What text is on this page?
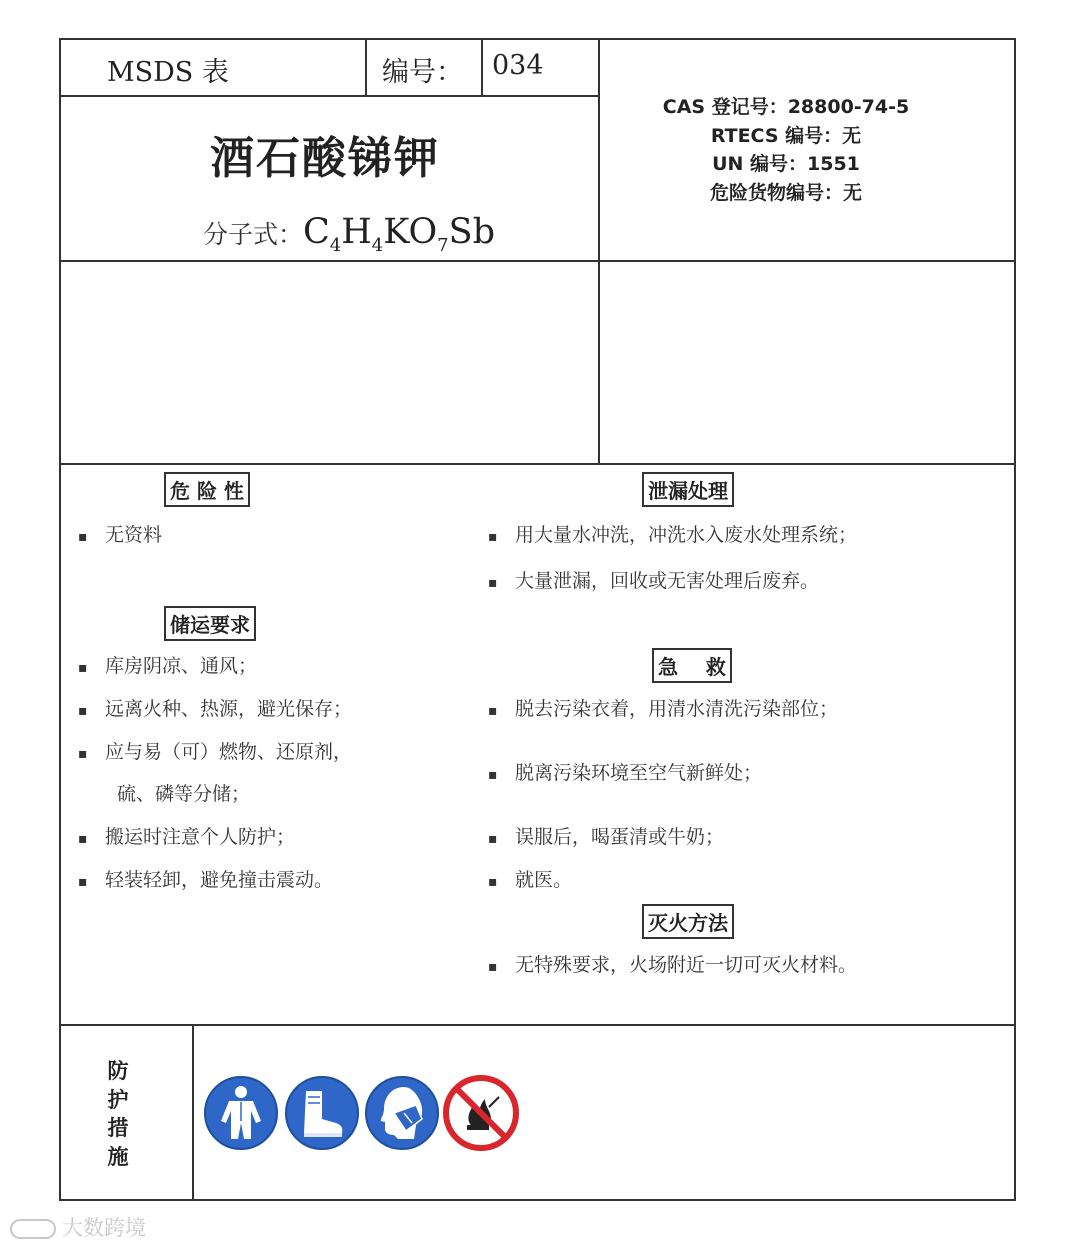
MSDS 表	编号： 034
酒石酸锑钾
分子式：$C_4H_4KO_7Sb$
CAS 登记号：28800-74-5
RTECS 编号：无
UN 编号：1551
危险货物编号：无
危 险 性
▪ 无资料
储运要求
▪ 库房阴凉、通风；
▪ 远离火种、热源，避光保存；
▪ 应与易（可）燃物、还原剂，
硫、磷等分储；
▪ 搬运时注意个人防护；
▪ 轻装轻卸，避免撞击震动。
泄漏处理
▪ 用大量水冲洗，冲洗水入废水处理系统；
▪ 大量泄漏，回收或无害处理后废弃。
急    救
▪ 脱去污染衣着，用清水清洗污染部位；
▪ 脱离污染环境至空气新鲜处；
▪ 误服后，喝蛋清或牛奶；
▪ 就医。
灭火方法
▪ 无特殊要求，火场附近一切可灭火材料。
防
护
措
施
大数跨境
